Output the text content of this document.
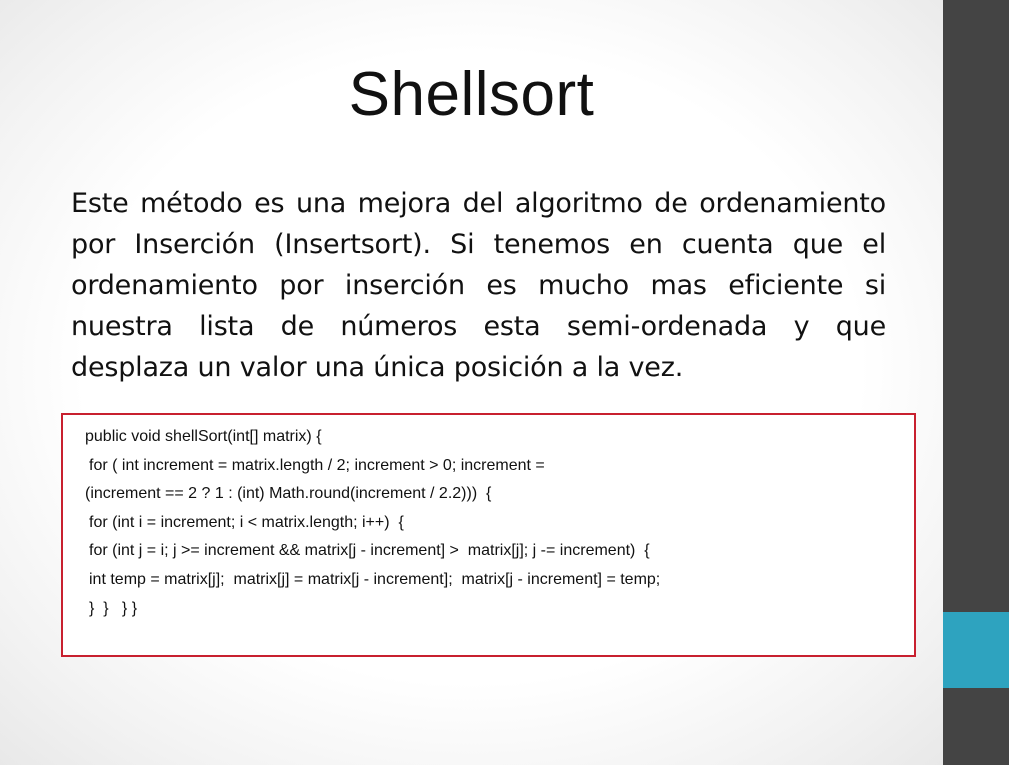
Shellsort
Este método es una mejora del algoritmo de ordenamiento por Inserción (Insertsort). Si tenemos en cuenta que el ordenamiento por inserción es mucho mas eficiente si nuestra lista de números esta semi-ordenada y que desplaza un valor una única posición a la vez.
public void shellSort(int[] matrix) {
for ( int increment = matrix.length / 2; increment > 0; increment =
(increment == 2 ? 1 : (int) Math.round(increment / 2.2)))  {
for (int i = increment; i < matrix.length; i++)  {
for (int j = i; j >= increment && matrix[j - increment] >  matrix[j]; j -= increment)  {
int temp = matrix[j];  matrix[j] = matrix[j - increment];  matrix[j - increment] = temp;
}  }   } }
